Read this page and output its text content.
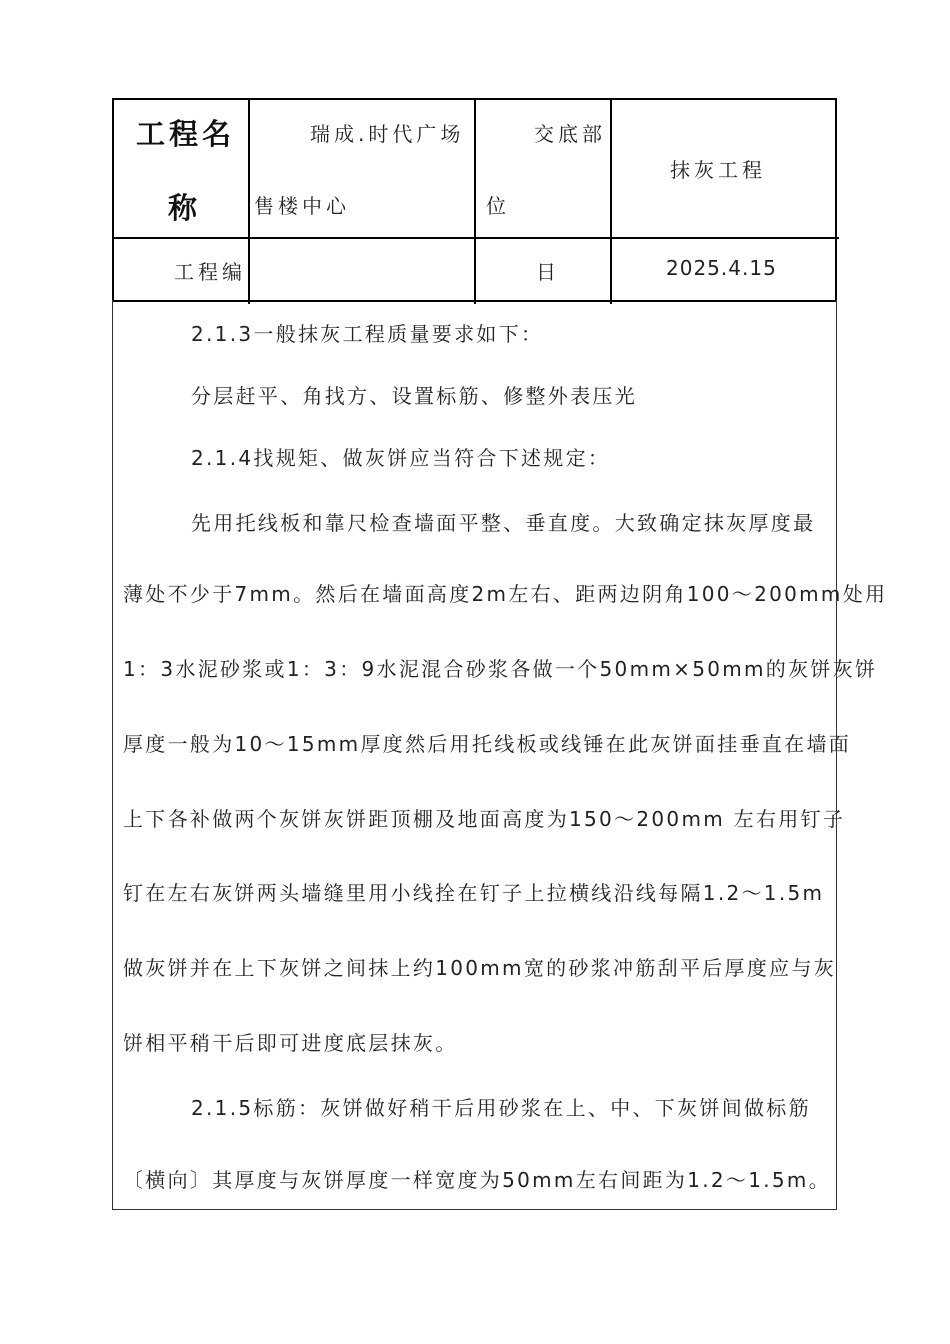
工程名
称
瑞成.时代广场
售楼中心
交底部
位
抹灰工程
工程编	日	2025.4.15
2.1.3一般抹灰工程质量要求如下：
分层赶平、角找方、设置标筋、修整外表压光
2.1.4找规矩、做灰饼应当符合下述规定：
先用托线板和靠尺检查墙面平整、垂直度。大致确定抹灰厚度最
薄处不少于7mm。然后在墙面高度2m左右、距两边阴角100～200mm处用
1：3水泥砂浆或1：3：9水泥混合砂浆各做一个50mm×50mm的灰饼灰饼
厚度一般为10～15mm厚度然后用托线板或线锤在此灰饼面挂垂直在墙面
上下各补做两个灰饼灰饼距顶棚及地面高度为150～200mm 左右用钉子
钉在左右灰饼两头墙缝里用小线拴在钉子上拉横线沿线每隔1.2～1.5m
做灰饼并在上下灰饼之间抹上约100mm宽的砂浆冲筋刮平后厚度应与灰
饼相平稍干后即可进度底层抹灰。
2.1.5标筋：灰饼做好稍干后用砂浆在上、中、下灰饼间做标筋
〔横向〕其厚度与灰饼厚度一样宽度为50mm左右间距为1.2～1.5m。
